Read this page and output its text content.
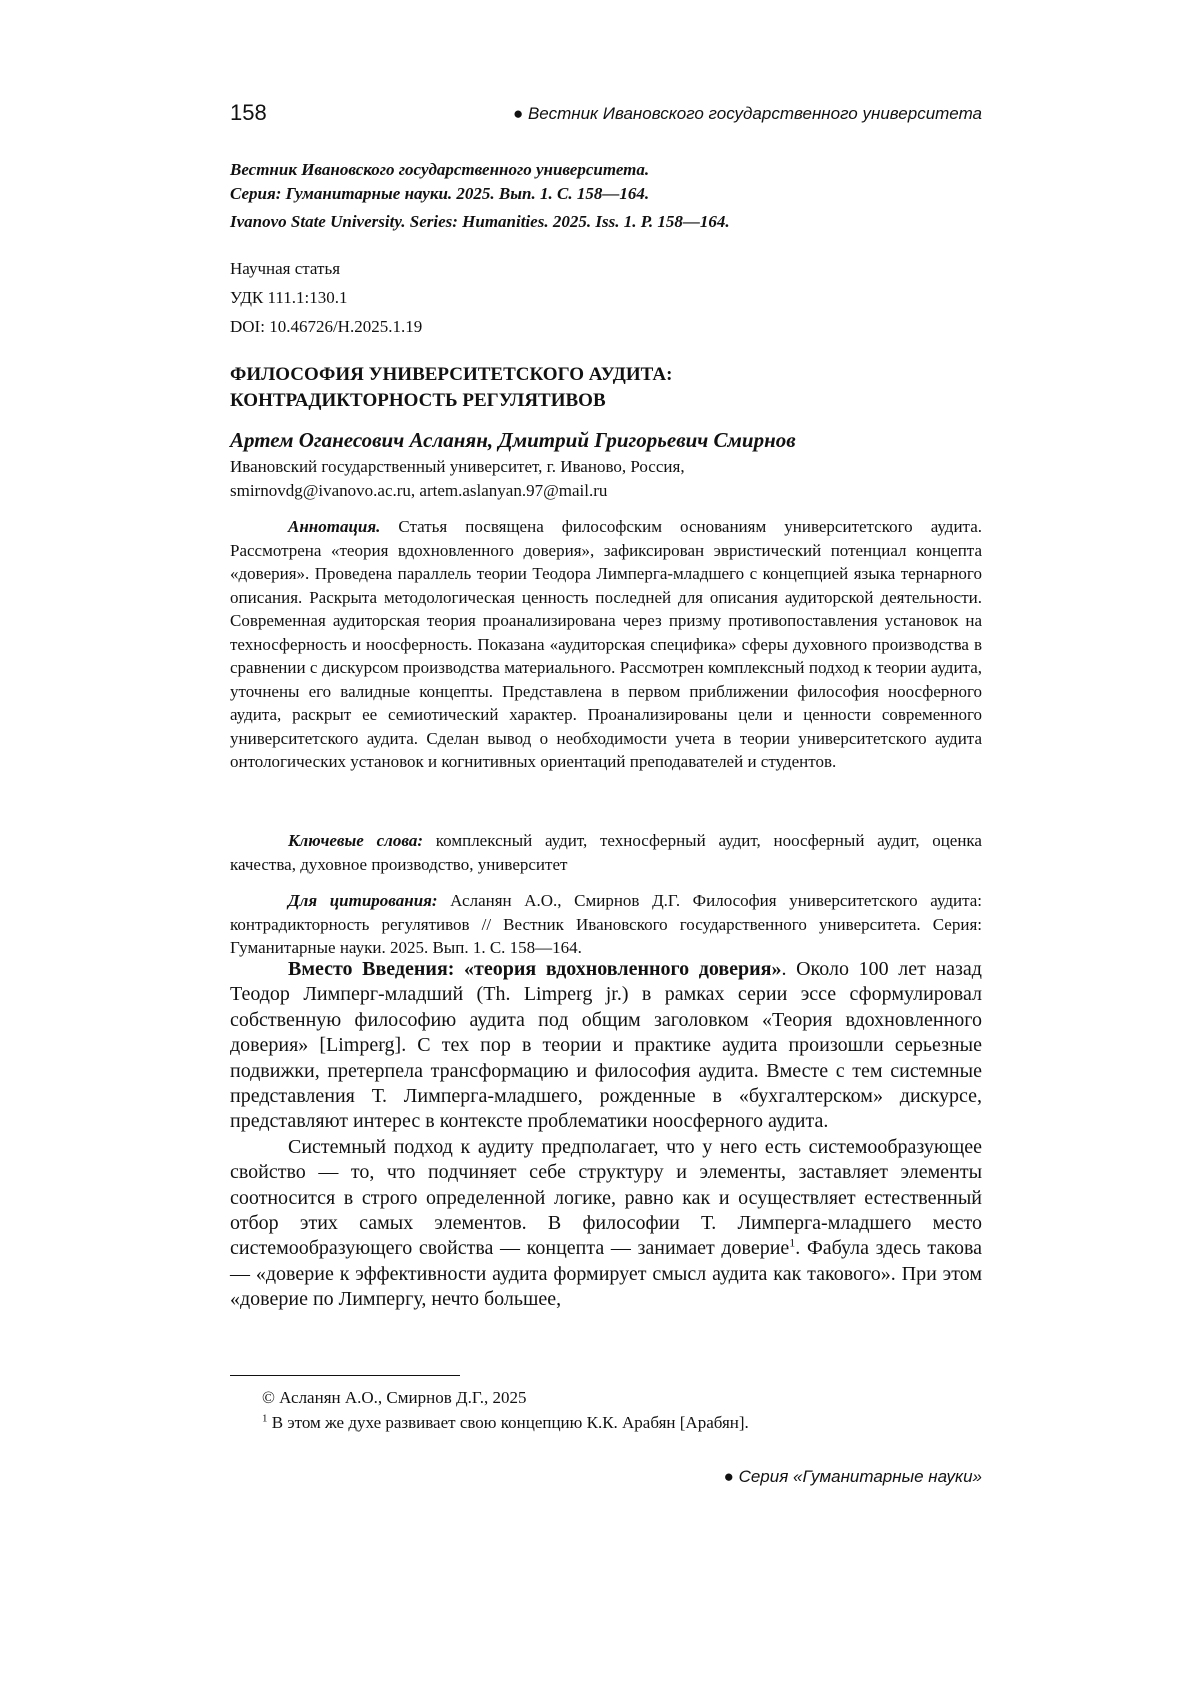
158	● Вестник Ивановского государственного университета

Вестник Ивановского государственного университета.

Серия: Гуманитарные науки. 2025. Вып. 1. С. 158—164.

Ivanovo State University. Series: Humanities. 2025. Iss. 1. P. 158—164.

Научная статья
УДК 111.1:130.1
DOI: 10.46726/H.2025.1.19
ФИЛОСОФИЯ УНИВЕРСИТЕТСКОГО АУДИТА:
КОНТРАДИКТОРНОСТЬ РЕГУЛЯТИВОВ
Артем Оганесович Асланян, Дмитрий Григорьевич Смирнов
Ивановский государственный университет, г. Иваново, Россия,
smirnovdg@ivanovo.ac.ru, artem.aslanyan.97@mail.ru

Аннотация. Статья посвящена философским основаниям университетского аудита. Рассмотрена «теория вдохновленного доверия», зафиксирован эвристический потенциал концепта «доверия». Проведена параллель теории Теодора Лимперга-младшего с концепцией языка тернарного описания. Раскрыта методологическая ценность последней для описания аудиторской деятельности. Современная аудиторская теория проанализирована через призму противопоставления установок на техносферность и ноосферность. Показана «аудиторская специфика» сферы духовного производства в сравнении с дискурсом производства материального. Рассмотрен комплексный подход к теории аудита, уточнены его валидные концепты. Представлена в первом приближении философия ноосферного аудита, раскрыт ее семиотический характер. Проанализированы цели и ценности современного университетского аудита. Сделан вывод о необходимости учета в теории университетского аудита онтологических установок и когнитивных ориентаций преподавателей и студентов.

Ключевые слова: комплексный аудит, техносферный аудит, ноосферный аудит, оценка качества, духовное производство, университет

Для цитирования: Асланян А.О., Смирнов Д.Г. Философия университетского аудита: контрадикторность регулятивов // Вестник Ивановского государственного университета. Серия: Гуманитарные науки. 2025. Вып. 1. С. 158—164.

Вместо Введения: «теория вдохновленного доверия». Около 100 лет назад Теодор Лимперг-младший (Th. Limperg jr.) в рамках серии эссе сформулировал собственную философию аудита под общим заголовком «Теория вдохновленного доверия» [Limperg]. С тех пор в теории и практике аудита произошли серьезные подвижки, претерпела трансформацию и философия аудита. Вместе с тем системные представления Т. Лимперга-младшего, рожденные в «бухгалтерском» дискурсе, представляют интерес в контексте проблематики ноосферного аудита.

Системный подход к аудиту предполагает, что у него есть системообразующее свойство — то, что подчиняет себе структуру и элементы, заставляет элементы соотносится в строго определенной логике, равно как и осуществляет естественный отбор этих самых элементов. В философии Т. Лимперга-младшего место системообразующего свойства — концепта — занимает доверие$^1$. Фабула здесь такова — «доверие к эффективности аудита формирует смысл аудита как такового». При этом «доверие по Лимпергу, нечто большее,

© Асланян А.О., Смирнов Д.Г., 2025
$^1$ В этом же духе развивает свою концепцию К.К. Арабян [Арабян].
● Серия «Гуманитарные науки»
